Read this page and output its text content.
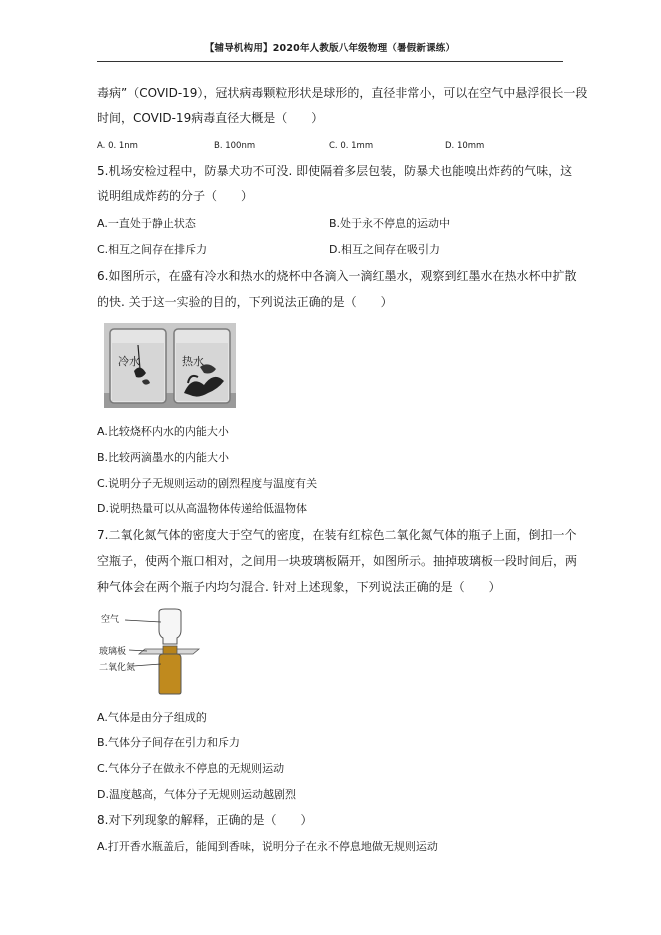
【辅导机构用】2020年人教版八年级物理（暑假新课练）
毒病”（COVID-19），冠状病毒颗粒形状是球形的，直径非常小，可以在空气中悬浮很长一段
时间，COVID-19病毒直径大概是（　　）
A. 0. 1nm	B. 100nm	C. 0. 1mm	D. 10mm
5.机场安检过程中，防暴犬功不可没. 即使隔着多层包装，防暴犬也能嗅出炸药的气味，这
说明组成炸药的分子（　　）
A.一直处于静止状态	B.处于永不停息的运动中
C.相互之间存在排斥力	D.相互之间存在吸引力
6.如图所示，在盛有冷水和热水的烧杯中各滴入一滴红墨水，观察到红墨水在热水杯中扩散
的快. 关于这一实验的目的，下列说法正确的是（　　）
冷水	热水
A.比较烧杯内水的内能大小
B.比较两滴墨水的内能大小
C.说明分子无规则运动的剧烈程度与温度有关
D.说明热量可以从高温物体传递给低温物体
7.二氧化氮气体的密度大于空气的密度，在装有红棕色二氧化氮气体的瓶子上面，倒扣一个
空瓶子，使两个瓶口相对，之间用一块玻璃板隔开，如图所示。抽掉玻璃板一段时间后，两
种气体会在两个瓶子内均匀混合. 针对上述现象，下列说法正确的是（　　）
空气
玻璃板
二氧化氮
A.气体是由分子组成的
B.气体分子间存在引力和斥力
C.气体分子在做永不停息的无规则运动
D.温度越高，气体分子无规则运动越剧烈
8.对下列现象的解释，正确的是（　　）
A.打开香水瓶盖后，能闻到香味，说明分子在永不停息地做无规则运动
